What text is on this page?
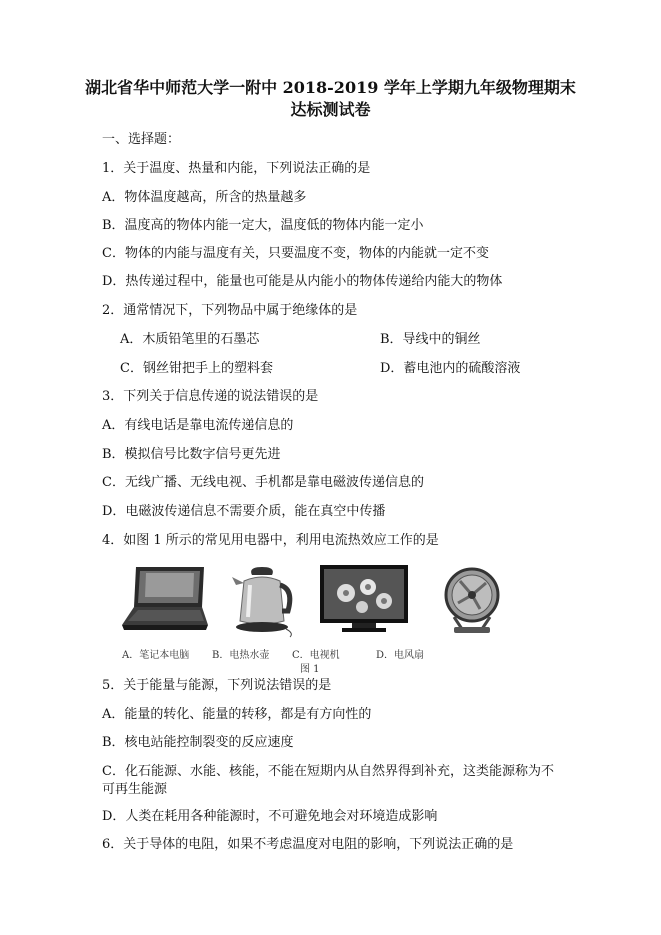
湖北省华中师范大学一附中 2018-2019 学年上学期九年级物理期末
达标测试卷
一、选择题：
1．关于温度、热量和内能，下列说法正确的是
A．物体温度越高，所含的热量越多
B．温度高的物体内能一定大，温度低的物体内能一定小
C．物体的内能与温度有关，只要温度不变，物体的内能就一定不变
D．热传递过程中，能量也可能是从内能小的物体传递给内能大的物体
2．通常情况下，下列物品中属于绝缘体的是
A．木质铅笔里的石墨芯	B．导线中的铜丝
C．钢丝钳把手上的塑料套	D．蓄电池内的硫酸溶液
3．下列关于信息传递的说法错误的是
A．有线电话是靠电流传递信息的
B．模拟信号比数字信号更先进
C．无线广播、无线电视、手机都是靠电磁波传递信息的
D．电磁波传递信息不需要介质，能在真空中传播
4．如图 1 所示的常见用电器中，利用电流热效应工作的是
A．笔记本电脑 B．电热水壶 C．电视机	D．电风扇
图 1
5．关于能量与能源，下列说法错误的是
A．能量的转化、能量的转移，都是有方向性的
B．核电站能控制裂变的反应速度
C．化石能源、水能、核能，不能在短期内从自然界得到补充，这类能源称为不
可再生能源
D．人类在耗用各种能源时，不可避免地会对环境造成影响
6．关于导体的电阻，如果不考虑温度对电阻的影响，下列说法正确的是
